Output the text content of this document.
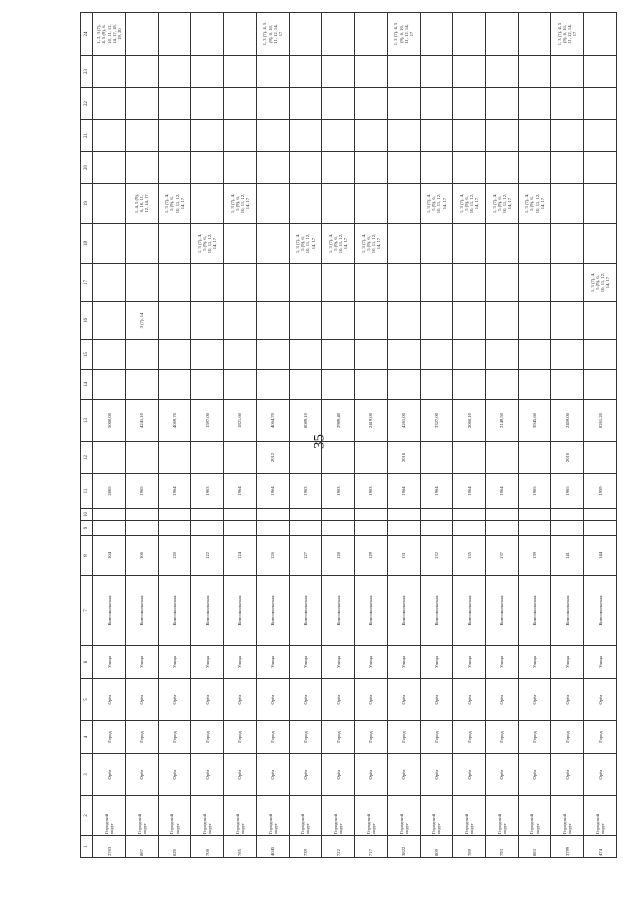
35
1	2	3	4	5	6	7	8	9	10	11	12	13	14	15	16	17	18	19	20	21	22	23	24

2763	Городской
округ	Орёл	Город	Орёл	Улица	Комсомольская	104			2005		5000,00											1, 2, 3 (7),
4, 5 (9), 6,
10, 11, 12,
14, 17, 18,
19, 20

887	Городской
округ	Орёл	Город	Орёл	Улица	Комсомольская	106			1965		4241,10			3 (7), 14			1, 4, 5 (9),
6, 10, 11,
12, 14, 17					

820	Городской
округ	Орёл	Город	Орёл	Улица	Комсомольская	120			1964		4069,70						1, 3 (7), 4,
5 (9), 6,
10, 11, 12,
14, 17					

708	Городской
округ	Орёл	Город	Орёл	Улица	Комсомольская	122			1963		1597,00					1, 3 (7), 4,
5 (9), 6,
10, 11, 12,
14, 17						

785	Городской
округ	Орёл	Город	Орёл	Улица	Комсомольская	124			1964		1821,60						1, 3 (7), 4,
5 (9), 6,
10, 11, 12,
14, 17					

4045	Городской
округ	Орёл	Город	Орёл	Улица	Комсомольская	126			1964	2012	4064,70											1, 3 (7), 4, 5
(9), 6, 10,
11, 12, 14,
17

739	Городской
округ	Орёл	Город	Орёл	Улица	Комсомольская	127			1963		8089,10					1, 3 (7), 4,
5 (9), 6,
10, 11, 12,
14, 17						

722	Городской
округ	Орёл	Город	Орёл	Улица	Комсомольская	128			1963		2989,40					1, 3 (7), 4,
5 (9), 6,
10, 11, 12,
14, 17						

717	Городской
округ	Орёл	Город	Орёл	Улица	Комсомольская	129			1963		2419,00					1, 3 (7), 4,
5 (9), 6,
10, 11, 12,
14, 17						

3822	Городской
округ	Орёл	Город	Орёл	Улица	Комсомольская	131			1964	2010	4261,00											1, 3 (7), 4, 5
(9), 6, 10,
11, 12, 14,
17

809	Городской
округ	Орёл	Город	Орёл	Улица	Комсомольская	132			1964		3327,00						1, 3 (7), 4,
5 (9), 6,
10, 11, 12,
14, 17					

789	Городской
округ	Орёл	Город	Орёл	Улица	Комсомольская	135			1964		2060,10						1, 3 (7), 4,
5 (9), 6,
10, 11, 12,
14, 17					

793	Городской
округ	Орёл	Город	Орёл	Улица	Комсомольская	137			1964		2149,50						1, 3 (7), 4,
5 (9), 6,
10, 11, 12,
14, 17					

883	Городской
округ	Орёл	Город	Орёл	Улица	Комсомольская	139			1965		3945,60						1, 3 (7), 4,
5 (9), 6,
10, 11, 12,
14, 17					

3799	Городской
округ	Орёл	Город	Орёл	Улица	Комсомольская	141			1965	2010	2459,00											1, 3 (7), 4, 5
(9), 6, 10,
11, 12, 14,
17

474	Городской
округ	Орёл	Город	Орёл	Улица	Комсомольская	144			1959		8261,20				1, 3 (7), 4,
5 (9), 6,
10, 11, 12,
14, 17							
